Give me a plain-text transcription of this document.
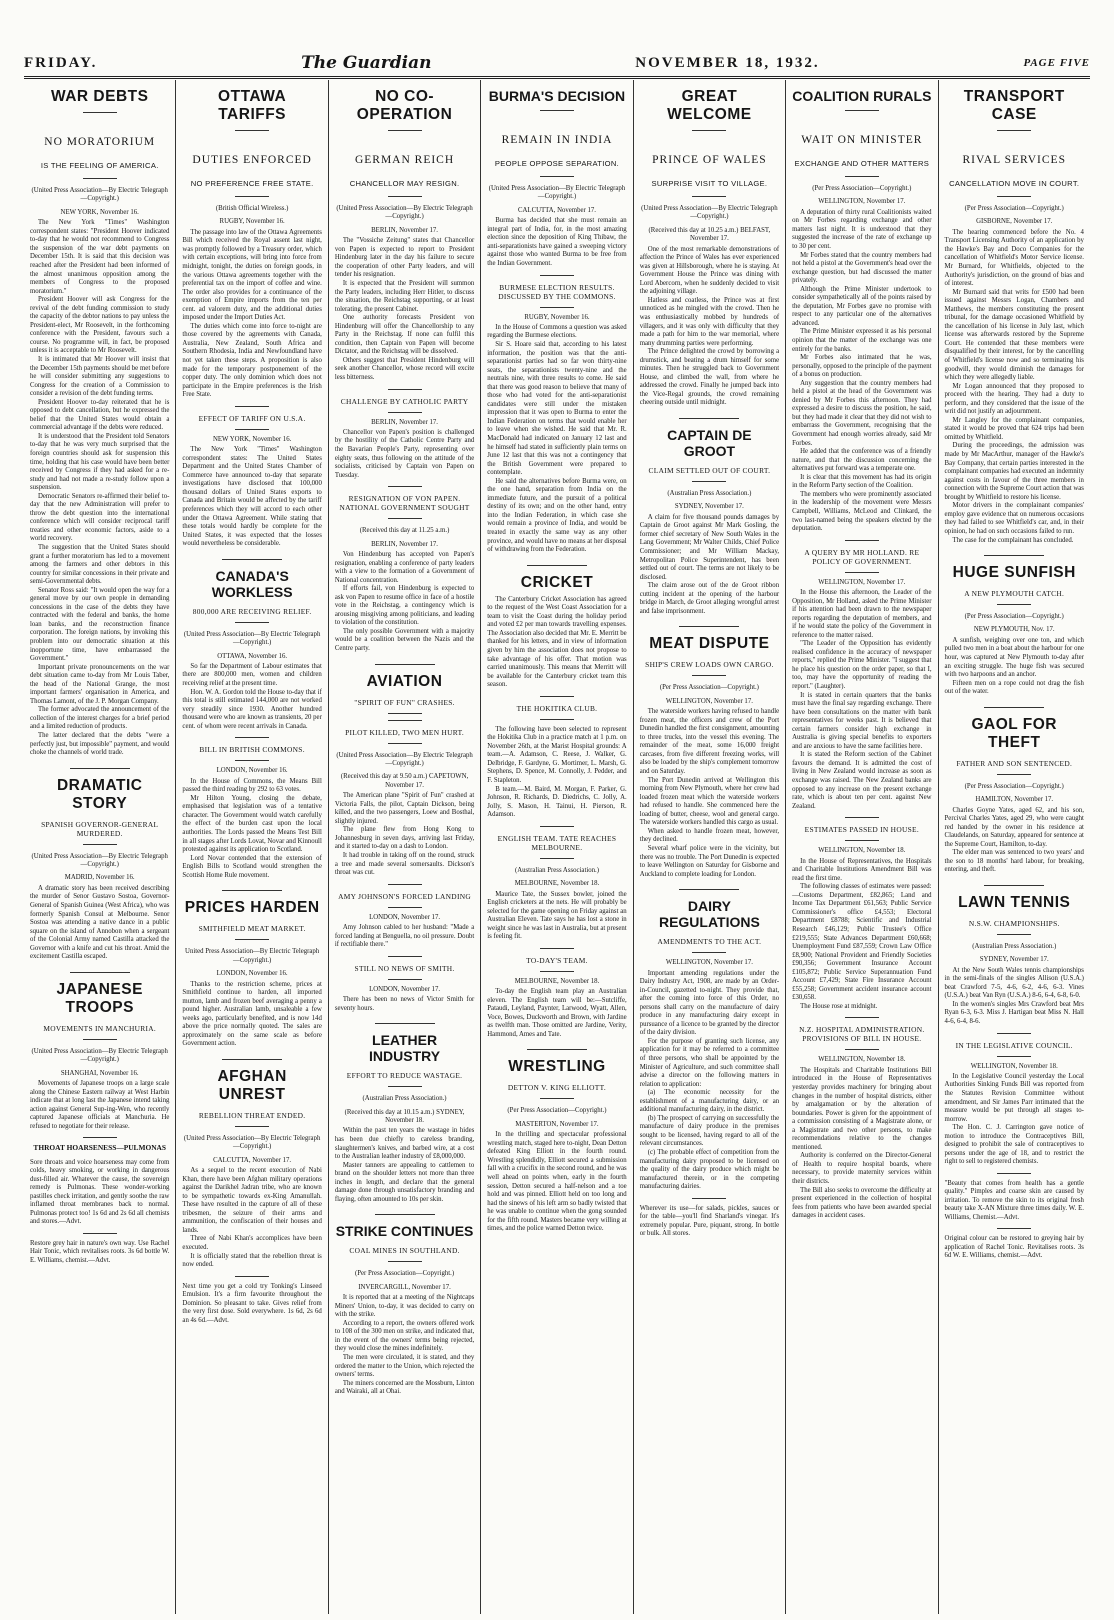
FRIDAY.	The Guardian	NOVEMBER 18, 1932.	PAGE FIVE
WAR DEBTS
NO MORATORIUM
IS THE FEELING OF AMERICA.
(United Press Association—By Electric Telegraph—Copyright.)
NEW YORK, November 16.

The New York "Times" Washington correspondent states: "President Hoover indicated to-day that he would not recommend to Congress the suspension of the war debt payments on December 15th. It is said that this decision was reached after the President had been informed of the almost unanimous opposition among the members of Congress to the proposed moratorium."

President Hoover will ask Congress for the revival of the debt funding commission to study the capacity of the debtor nations to pay unless the President-elect, Mr Roosevelt, in the forthcoming conference with the President, favours such a course. No programme will, in fact, be proposed unless it is acceptable to Mr Roosevelt.

It is intimated that Mr Hoover will insist that the December 15th payments should be met before he will consider submitting any suggestions to Congress for the creation of a Commission to consider a revision of the debt funding terms.

President Hoover to-day reiterated that he is opposed to debt cancellation, but he expressed the belief that the United States would obtain a commercial advantage if the debts were reduced.

It is understood that the President told Senators to-day that he was very much surprised that the foreign countries should ask for suspension this time, holding that his case would have been better received by Congress if they had asked for a re-study and had not made a re-study follow upon a suspension.

Democratic Senators re-affirmed their belief to-day that the new Administration will prefer to throw the debt question into the international conference which will consider reciprocal tariff treaties and other economic factors, aside to a world recovery.

The suggestion that the United States should grant a further moratorium has led to a movement among the farmers and other debtors in this country for similar concessions in their private and semi-Governmental debts.

Senator Ross said: "It would open the way for a general move by our own people in demanding concessions in the case of the debts they have contracted with the federal and banks, the home loan banks, and the reconstruction finance corporation. The foreign nations, by invoking this problem into our democratic situation at this inopportune time, have embarrassed the Government."

Important private pronouncements on the war debt situation came to-day from Mr Louis Taber, the head of the National Grange, the most important farmers' organisation in America, and Thomas Lamont, of the J. P. Morgan Company.

The former advocated the announcement of the collection of the interest charges for a brief period and a limited reduction of products.

The latter declared that the debts "were a perfectly just, but impossible" payment, and would choke the channels of world trade.

DRAMATIC STORY
SPANISH GOVERNOR-GENERAL MURDERED.
(United Press Association—By Electric Telegraph—Copyright.)
MADRID, November 16.

A dramatic story has been received describing the murder of Senor Gustavo Sostoa, Governor-General of Spanish Guinea (West Africa), who was formerly Spanish Consul at Melbourne. Senor Sostoa was attending a native dance in a public square on the island of Annobon when a sergeant of the Colonial Army named Castilla attacked the Governor with a knife and cut his throat. Amid the excitement Castilla escaped.

JAPANESE TROOPS
MOVEMENTS IN MANCHURIA.
(United Press Association—By Electric Telegraph—Copyright.)
SHANGHAI, November 16.

Movements of Japanese troops on a large scale along the Chinese Eastern railway at West Harbin indicate that at long last the Japanese intend taking action against General Sup-ing-Wen, who recently captured Japanese officials at Manchuria. He refused to negotiate for their release.

THROAT HOARSENESS—PULMONAS
Sore throats and voice hoarseness may come from colds, heavy smoking, or working in dangerous dust-filled air. Whatever the cause, the sovereign remedy is Pulmonas. These wonder-working pastilles check irritation, and gently soothe the raw inflamed throat membranes back to normal. Pulmonas protect too! 1s 6d and 2s 6d all chemists and stores.—Advt.
Restore grey hair in nature's own way. Use Rachel Hair Tonic, which revitalises roots. 3s 6d bottle W. E. Williams, chemist.—Advt.
OTTAWA TARIFFS
DUTIES ENFORCED
NO PREFERENCE FREE STATE.
(British Official Wireless.)
RUGBY, November 16.

The passage into law of the Ottawa Agreements Bill which received the Royal assent last night, was promptly followed by a Treasury order, which with certain exceptions, will bring into force from midnight, tonight, the duties on foreign goods, in the various Ottawa agreements together with the preferential tax on the import of coffee and wine. The order also provides for a continuance of the exemption of Empire imports from the ten per cent. ad valorem duty, and the additional duties imposed under the Import Duties Act.

The duties which come into force to-night are those covered by the agreements with Canada, Australia, New Zealand, South Africa and Southern Rhodesia, India and Newfoundland have not yet taken these steps. A proposition is also made for the temporary postponement of the copper duty. The only dominion which does not participate in the Empire preferences is the Irish Free State.

EFFECT OF TARIFF ON U.S.A.
NEW YORK, November 16.

The New York "Times" Washington correspondent states: The United States Department and the United States Chamber of Commerce have announced to-day that separate investigations have disclosed that 100,000 thousand dollars of United States exports to Canada and Britain would be affected by the tariff preferences which they will accord to each other under the Ottawa Agreement. While stating that these totals would hardly be complete for the United States, it was expected that the losses would nevertheless be considerable.

CANADA'S WORKLESS
800,000 ARE RECEIVING RELIEF.
(United Press Association—By Electric Telegraph—Copyright.)
OTTAWA, November 16.

So far the Department of Labour estimates that there are 800,000 men, women and children receiving relief at the present time.

Hon. W. A. Gordon told the House to-day that if this total is still estimated 144,000 are not worked very steadily since 1930. Another hundred thousand were who are known as transients, 20 per cent. of whom were recent arrivals in Canada.

BILL IN BRITISH COMMONS.
LONDON, November 16.

In the House of Commons, the Means Bill passed the third reading by 292 to 63 votes.

Mr Hilton Young, closing the debate, emphasised that legislation was of a tentative character. The Government would watch carefully the effect of the burden cast upon the local authorities. The Lords passed the Means Test Bill in all stages after Lords Lovat, Novar and Kinnoull protested against its application to Scotland.

Lord Novar contended that the extension of English Bills to Scotland would strengthen the Scottish Home Rule movement.

PRICES HARDEN
SMITHFIELD MEAT MARKET.
United Press Association—By Electric Telegraph—Copyright.)
LONDON, November 16.

Thanks to the restriction scheme, prices at Smithfield continue to harden, all imported mutton, lamb and frozen beef averaging a penny a pound higher. Australian lamb, unsaleable a few weeks ago, particularly benefited, and is now 14d above the price normally quoted. The sales are approximately on the same scale as before Government action.

AFGHAN UNREST
REBELLION THREAT ENDED.
(United Press Association—By Electric Telegraph—Copyright.)
CALCUTTA, November 17.

As a sequel to the recent execution of Nabi Khan, there have been Afghan military operations against the Darikhel Jadran tribe, who are known to be sympathetic towards ex-King Amanullah. These have resulted in the capture of all of these tribesmen, the seizure of their arms and ammunition, the confiscation of their houses and lands.

Three of Nabi Khan's accomplices have been executed.

It is officially stated that the rebellion threat is now ended.

Next time you get a cold try Tonking's Linseed Emulsion. It's a firm favourite throughout the Dominion. So pleasant to take. Gives relief from the very first dose. Sold everywhere. 1s 6d, 2s 6d an 4s 6d.—Advt.
NO CO-OPERATION
GERMAN REICH
CHANCELLOR MAY RESIGN.
(United Press Association—By Electric Telegraph—Copyright.)
BERLIN, November 17.

The "Vossiche Zeitung" states that Chancellor von Papen is expected to report to President Hindenburg later in the day his failure to secure the cooperation of other Party leaders, and will tender his resignation.

It is expected that the President will summon the Party leaders, including Herr Hitler, to discuss the situation, the Reichstag supporting, or at least tolerating, the present Cabinet.

One authority forecasts President von Hindenburg will offer the Chancellorship to any Party in the Reichstag. If none can fulfil this condition, then Captain von Papen will become Dictator, and the Reichstag will be dissolved.

Others suggest that President Hindenburg will seek another Chancellor, whose record will excite less bitterness.

CHALLENGE BY CATHOLIC PARTY
BERLIN, November 17.

Chancellor von Papen's position is challenged by the hostility of the Catholic Centre Party and the Bavarian People's Party, representing over eighty seats, thus following on the attitude of the socialists, criticised by Captain von Papen on Tuesday.

RESIGNATION OF VON PAPEN. NATIONAL GOVERNMENT SOUGHT
(Received this day at 11.25 a.m.)
BERLIN, November 17.

Von Hindenburg has accepted von Papen's resignation, enabling a conference of party leaders with a view to the formation of a Government of National concentration.

If efforts fail, von Hindenburg is expected to ask von Papen to resume office in face of a hostile vote in the Reichstag, a contingency which is arousing misgiving among politicians, and leading to violation of the constitution.

The only possible Government with a majority would be a coalition between the Nazis and the Centre party.

AVIATION
"SPIRIT OF FUN" CRASHES.
PILOT KILLED, TWO MEN HURT.
(United Press Association—By Electric Telegraph—Copyright.)
(Received this day at 9.50 a.m.) CAPETOWN, November 17.

The American plane "Spirit of Fun" crashed at Victoria Falls, the pilot, Captain Dickson, being killed, and the two passengers, Loew and Bosthal, slightly injured.

The plane flew from Hong Kong to Johannesburg in seven days, arriving last Friday, and it started to-day on a dash to London.

It had trouble in taking off on the round, struck a tree and made several somersaults. Dickson's throat was cut.

AMY JOHNSON'S FORCED LANDING
LONDON, November 17.

Amy Johnson cabled to her husband: "Made a forced landing at Benguella, no oil pressure. Doubt if rectifiable there."

STILL NO NEWS OF SMITH.
LONDON, November 17.

There has been no news of Victor Smith for seventy hours.

LEATHER INDUSTRY
EFFORT TO REDUCE WASTAGE.
(Australian Press Association.)
(Received this day at 10.15 a.m.) SYDNEY, November 18.

Within the past ten years the wastage in hides has been due chiefly to careless branding, slaughtermen's knives, and barbed wire, at a cost to the Australian leather industry of £8,000,000.

Master tanners are appealing to cattlemen to brand on the shoulder letters not more than three inches in length, and declare that the general damage done through unsatisfactory branding and flaying, often amounted to 10s per skin.

STRIKE CONTINUES
COAL MINES IN SOUTHLAND.
(Per Press Association—Copyright.)
INVERCARGILL, November 17.

It is reported that at a meeting of the Nightcaps Miners' Union, to-day, it was decided to carry on with the strike.

According to a report, the owners offered work to 108 of the 300 men on strike, and indicated that, in the event of the owners' terms being rejected, they would close the mines indefinitely.

The men were circulated, it is stated, and they ordered the matter to the Union, which rejected the owners' terms.

The miners concerned are the Mossburn, Linton and Wairaki, all at Ohai.

BURMA'S DECISION
REMAIN IN INDIA
PEOPLE OPPOSE SEPARATION.
(United Press Association—By Electric Telegraph—Copyright.)
CALCUTTA, November 17.

Burma has decided that she must remain an integral part of India, for, in the most amazing election since the deposition of King Thibaw, the anti-separationists have gained a sweeping victory against those who wanted Burma to be free from the Indian Government.

BURMESE ELECTION RESULTS. DISCUSSED BY THE COMMONS.
RUGBY, November 16.

In the House of Commons a question was asked regarding the Burmese elections.

Sir S. Hoare said that, according to his latest information, the position was that the anti-separationist parties had so far won thirty-nine seats, the separationists twenty-nine and the neutrals nine, with three results to come. He said that there was good reason to believe that many of those who had voted for the anti-separationist candidates were still under the mistaken impression that it was open to Burma to enter the Indian Federation on terms that would enable her to leave when she wished. He said that Mr. R. MacDonald had indicated on January 12 last and he himself had stated in sufficiently plain terms on June 12 last that this was not a contingency that the British Government were prepared to contemplate.

He said the alternatives before Burma were, on the one hand, separation from India on the immediate future, and the pursuit of a political destiny of its own; and on the other hand, entry into the Indian Federation, in which case she would remain a province of India, and would be treated in exactly the same way as any other province, and would have no means at her disposal of withdrawing from the Federation.

CRICKET

The Canterbury Cricket Association has agreed to the request of the West Coast Association for a team to visit the Coast during the holiday period and voted £2 per man towards travelling expenses. The Association also decided that Mr. E. Merritt be thanked for his letters, and in view of information given by him the association does not propose to take advantage of his offer. That motion was carried unanimously. This means that Merritt will be available for the Canterbury cricket team this season.

THE HOKITIKA CLUB.

The following have been selected to represent the Hokitika Club in a practice match at 1 p.m. on November 26th, at the Marist Hospital grounds: A team.—A. Adamson, C. Reese, J. Walker, G. Delbridge, F. Gardyne, G. Mortimer, L. Marsh, G. Stephens, D. Spence, M. Connolly, J. Pedder, and F. Stapleton.

B team.—M. Baird, M. Morgan, F. Parker, G. Johnson, R. Richards, D. Diedrichs, C. Jolly, A. Jolly, S. Mason, H. Tainui, H. Pierson, R. Adamson.

ENGLISH TEAM. TATE REACHES MELBOURNE.
(Australian Press Association.)
MELBOURNE, November 18.

Maurice Tate, the Sussex bowler, joined the English cricketers at the nets. He will probably be selected for the game opening on Friday against an Australian Eleven. Tate says he has lost a stone in weight since he was last in Australia, but at present is feeling fit.

TO-DAY'S TEAM.
MELBOURNE, November 18.

To-day the English team play an Australian eleven. The English team will be:—Sutcliffe, Pataudi, Leyland, Paynter, Larwood, Wyatt, Allen, Voce, Bowes, Duckworth and Brown, with Jardine as twelfth man. Those omitted are Jardine, Verity, Hammond, Ames and Tate.

WRESTLING
DETTON V. KING ELLIOTT.
(Per Press Association—Copyright.)
MASTERTON, November 17.

In the thrilling and spectacular professional wrestling match, staged here to-night, Dean Detton defeated King Elliott in the fourth round. Wrestling splendidly, Elliott secured a submission fall with a crucifix in the second round, and he was well ahead on points when, early in the fourth session, Detton secured a half-nelson and a toe hold and was pinned. Elliott held on too long and had the sinews of his left arm so badly twisted that he was unable to continue when the gong sounded for the fifth round. Masters became very willing at times, and the police warned Detton twice.

GREAT WELCOME
PRINCE OF WALES
SURPRISE VISIT TO VILLAGE.
(United Press Association—By Electric Telegraph—Copyright.)
(Received this day at 10.25 a.m.) BELFAST, November 17.

One of the most remarkable demonstrations of affection the Prince of Wales has ever experienced was given at Hillsborough, where he is staying. At Government House the Prince was dining with Lord Abercorn, when he suddenly decided to visit the adjoining village.

Hatless and coatless, the Prince was at first unnoticed as he mingled with the crowd. Then he was enthusiastically mobbed by hundreds of villagers, and it was only with difficulty that they made a path for him to the war memorial, where many drumming parties were performing.

The Prince delighted the crowd by borrowing a drumstick, and beating a drum himself for some minutes. Then he struggled back to Government House, and climbed the wall, from where he addressed the crowd. Finally he jumped back into the Vice-Regal grounds, the crowd remaining cheering outside until midnight.

CAPTAIN DE GROOT
CLAIM SETTLED OUT OF COURT.
(Australian Press Association.)
SYDNEY, November 17.

A claim for five thousand pounds damages by Captain de Groot against Mr Mark Gosling, the former chief secretary of New South Wales in the Lang Government; Mr Walter Childs, Chief Police Commissioner; and Mr William Mackay, Metropolitan Police Superintendent, has been settled out of court. The terms are not likely to be disclosed.

The claim arose out of the de Groot ribbon cutting incident at the opening of the harbour bridge in March, de Groot alleging wrongful arrest and false imprisonment.

MEAT DISPUTE
SHIP'S CREW LOADS OWN CARGO.
(Per Press Association—Copyright.)
WELLINGTON, November 17.

The waterside workers having refused to handle frozen meat, the officers and crew of the Port Dunedin handled the first consignment, amounting to three trucks, into the vessel this evening. The remainder of the meat, some 16,000 freight carcases, from five different freezing works, will also be loaded by the ship's complement tomorrow and on Saturday.

The Port Dunedin arrived at Wellington this morning from New Plymouth, where her crew had loaded frozen meat which the waterside workers had refused to handle. She commenced here the loading of butter, cheese, wool and general cargo. The waterside workers handled this cargo as usual.

When asked to handle frozen meat, however, they declined.

Several wharf police were in the vicinity, but there was no trouble. The Port Dunedin is expected to leave Wellington on Saturday for Gisborne and Auckland to complete loading for London.

DAIRY REGULATIONS
AMENDMENTS TO THE ACT.
WELLINGTON, November 17.

Important amending regulations under the Dairy Industry Act, 1908, are made by an Order-in-Council, gazetted to-night. They provide that, after the coming into force of this Order, no persons shall carry on the manufacture of dairy produce in any manufacturing dairy except in pursuance of a licence to be granted by the director of the dairy division.

For the purpose of granting such license, any application for it may be referred to a committee of three persons, who shall be appointed by the Minister of Agriculture, and such committee shall advise a director on the following matters in relation to application:

(a) The economic necessity for the establishment of a manufacturing dairy, or an additional manufacturing dairy, in the district.

(b) The prospect of carrying on successfully the manufacture of dairy produce in the premises sought to be licensed, having regard to all of the relevant circumstances.

(c) The probable effect of competition from the manufacturing dairy proposed to be licensed on the quality of the dairy produce which might be manufactured therein, or in the competing manufacturing dairies.

Wherever its use—for salads, pickles, sauces or for the table—you'll find Sharland's vinegar. It's extremely popular. Pure, piquant, strong. In bottle or bulk. All stores.
COALITION RURALS
WAIT ON MINISTER
EXCHANGE AND OTHER MATTERS
(Per Press Association—Copyright.)
WELLINGTON, November 17.

A deputation of thirty rural Coalitionists waited on Mr Forbes regarding exchange and other matters last night. It is understood that they suggested the increase of the rate of exchange up to 30 per cent.

Mr Forbes stated that the country members had not held a pistol at the Government's head over the exchange question, but had discussed the matter privately.

Although the Prime Minister undertook to consider sympathetically all of the points raised by the deputation, Mr Forbes gave no promise with respect to any particular one of the alternatives advanced.

The Prime Minister expressed it as his personal opinion that the matter of the exchange was one entirely for the banks.

Mr Forbes also intimated that he was, personally, opposed to the principle of the payment of a bonus on production.

Any suggestion that the country members had held a pistol at the head of the Government was denied by Mr Forbes this afternoon. They had expressed a desire to discuss the position, he said, but they had made it clear that they did not wish to embarrass the Government, recognising that the Government had enough worries already, said Mr Forbes.

He added that the conference was of a friendly nature, and that the discussion concerning the alternatives put forward was a temperate one.

It is clear that this movement has had its origin in the Reform Party section of the Coalition.

The members who were prominently associated in the leadership of the movement were Messrs Campbell, Williams, McLeod and Clinkard, the two last-named being the speakers elected by the deputation.

A QUERY BY MR HOLLAND. RE POLICY OF GOVERNMENT.
WELLINGTON, November 17.

In the House this afternoon, the Leader of the Opposition, Mr Holland, asked the Prime Minister if his attention had been drawn to the newspaper reports regarding the deputation of members, and if he would state the policy of the Government in reference to the matter raised.

"The Leader of the Opposition has evidently realised confidence in the accuracy of newspaper reports," replied the Prime Minister. "I suggest that he place his question on the order paper, so that I, too, may have the opportunity of reading the report." (Laughter).

It is stated in certain quarters that the banks must have the final say regarding exchange. There have been consultations on the matter with bank representatives for weeks past. It is believed that certain farmers consider high exchange in Australia is giving special benefits to exporters and are anxious to have the same facilities here.

It is stated the Reform section of the Cabinet favours the demand. It is admitted the cost of living in New Zealand would increase as soon as exchange was raised. The New Zealand banks are opposed to any increase on the present exchange rate, which is about ten per cent. against New Zealand.

ESTIMATES PASSED IN HOUSE.
WELLINGTON, November 18.

In the House of Representatives, the Hospitals and Charitable Institutions Amendment Bill was read the first time.

The following classes of estimates were passed:—Customs Department, £82,865; Land and Income Tax Department £61,563; Public Service Commissioner's office £4,553; Electoral Department £8788; Scientific and Industrial Research £46,129; Public Trustee's Office £219,555; State Advances Department £60,668; Unemployment Fund £87,559; Crown Law Office £8,900; National Provident and Friendly Societies £90,356; Government Insurance Account £105,872; Public Service Superannuation Fund Account £7,429; State Fire Insurance Account £55,258; Government accident insurance account £30,658.

The House rose at midnight.

N.Z. HOSPITAL ADMINISTRATION. PROVISIONS OF BILL IN HOUSE.
WELLINGTON, November 18.

The Hospitals and Charitable Institutions Bill introduced in the House of Representatives yesterday provides machinery for bringing about changes in the number of hospital districts, either by amalgamation or by the alteration of boundaries. Power is given for the appointment of a commission consisting of a Magistrate alone, or a Magistrate and two other persons, to make recommendations relative to the changes mentioned.

Authority is conferred on the Director-General of Health to require hospital boards, where necessary, to provide maternity services within their districts.

The Bill also seeks to overcome the difficulty at present experienced in the collection of hospital fees from patients who have been awarded special damages in accident cases.

TRANSPORT CASE
RIVAL SERVICES
CANCELLATION MOVE IN COURT.
(Per Press Association—Copyright.)
GISBORNE, November 17.

The hearing commenced before the No. 4 Transport Licensing Authority of an application by the Hawke's Bay and Doco Companies for the cancellation of Whitfield's Motor Service license. Mr Burnard, for Whitfields, objected to the Authority's jurisdiction, on the ground of bias and of interest.

Mr Burnard said that writs for £500 had been issued against Messrs Logan, Chambers and Matthews, the members constituting the present tribunal, for the damage occasioned Whitfield by the cancellation of his license in July last, which license was afterwards restored by the Supreme Court. He contended that these members were disqualified by their interest, for by the cancelling of Whitfield's license now and so terminating his goodwill, they would diminish the damages for which they were allegedly liable.

Mr Logan announced that they proposed to proceed with the hearing. They had a duty to perform, and they considered that the issue of the writ did not justify an adjournment.

Mr Langley for the complainant companies, stated it would be proved that 624 trips had been omitted by Whitfield.

During the proceedings, the admission was made by Mr MacArthur, manager of the Hawke's Bay Company, that certain parties interested in the complainant companies had executed an indemnity against costs in favour of the three members in connection with the Supreme Court action that was brought by Whitfield to restore his license.

Motor drivers in the complainant companies' employ gave evidence that on numerous occasions they had failed to see Whitfield's car, and, in their opinion, he had on such occasions failed to run.

The case for the complainant has concluded.

HUGE SUNFISH
A NEW PLYMOUTH CATCH.
(Per Press Association—Copyright.)
NEW PLYMOUTH, Nov. 17.

A sunfish, weighing over one ton, and which pulled two men in a boat about the harbour for one hour, was captured at New Plymouth to-day after an exciting struggle. The huge fish was secured with two harpoons and an anchor.

Fifteen men on a rope could not drag the fish out of the water.

GAOL FOR THEFT
FATHER AND SON SENTENCED.
(Per Press Association—Copyright.)
HAMILTON, November 17.

Charles Goyne Yates, aged 62, and his son, Percival Charles Yates, aged 29, who were caught red handed by the owner in his residence at Claudelands, on Saturday, appeared for sentence at the Supreme Court, Hamilton, to-day.

The elder man was sentenced to two years' and the son to 18 months' hard labour, for breaking, entering, and theft.

LAWN TENNIS
N.S.W. CHAMPIONSHIPS.
(Australian Press Association.)
SYDNEY, November 17.

At the New South Wales tennis championships in the semi-finals of the singles Allison (U.S.A.) beat Crawford 7-5, 4-6, 6-2, 4-6, 6-3. Vines (U.S.A.) beat Van Ryn (U.S.A.) 8-6, 6-4, 6-8, 6-0.

In the women's singles Mrs Crawford beat Mrs Ryan 6-3, 6-3. Miss J. Hartigan beat Miss N. Hall 4-6, 6-4, 8-6.

IN THE LEGISLATIVE COUNCIL.
WELLINGTON, November 18.

In the Legislative Council yesterday the Local Authorities Sinking Funds Bill was reported from the Statutes Revision Committee without amendment, and Sir James Parr intimated that the measure would be put through all stages to-morrow.

The Hon. C. J. Carrington gave notice of motion to introduce the Contraceptives Bill, designed to prohibit the sale of contraceptives to persons under the age of 18, and to restrict the right to sell to registered chemists.

"Beauty that comes from health has a gentle quality." Pimples and coarse skin are caused by irritation. To remove the skin to its original fresh beauty take X-AN Mixture three times daily. W. E. Williams, Chemist.—Advt.
Original colour can be restored to greying hair by application of Rachel Tonic. Revitalises roots. 3s 6d W. E. Williams, chemist.—Advt.
